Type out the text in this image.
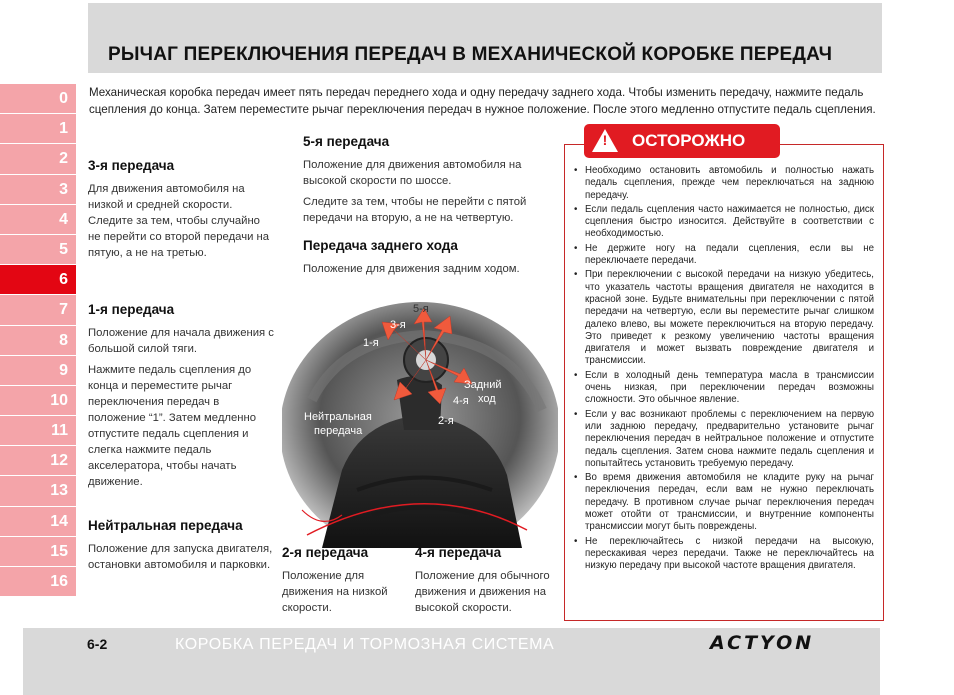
РЫЧАГ ПЕРЕКЛЮЧЕНИЯ ПЕРЕДАЧ В МЕХАНИЧЕСКОЙ КОРОБКЕ ПЕРЕДАЧ

Механическая коробка передач имеет пять передач переднего хода и одну передачу заднего хода. Чтобы изменить передачу, нажмите педаль сцепления до конца. Затем переместите рычаг переключения передач в нужное положение. После этого медленно отпустите педаль сцепления.

0
1
2
3
4
5
6
7
8
9
10
11
12
13
14
15
16
3-я передача

Для движения автомобиля на низкой и средней скорости. Следите за тем, чтобы случайно не перейти со второй передачи на пятую, а не на третью.

1-я передача

Положение для начала движения с большой силой тяги.

Нажмите педаль сцепления до конца и переместите рычаг переключения передач в положение “1”. Затем медленно отпустите педаль сцепления и слегка нажмите педаль акселератора, чтобы начать движение.

Нейтральная передача

Положение для запуска двигателя, остановки автомобиля и парковки.

5-я передача

Положение для движения автомобиля на высокой скорости по шоссе.

Следите за тем, чтобы не перейти с пятой передачи на вторую, а не на четвертую.

Передача заднего хода

Положение для движения задним ходом.

1-я
3-я
5-я
2-я
4-я
Задний
ход
Нейтральная
передача
2-я передача

Положение для движения на низкой скорости.

4-я передача

Положение для обычного движения и движения на высокой скорости.

• Необходимо остановить автомобиль и полностью нажать педаль сцепления, прежде чем переключаться на заднюю передачу.
• Если педаль сцепления часто нажимается не полностью, диск сцепления быстро износится. Действуйте в соответствии с необходимостью.
• Не держите ногу на педали сцепления, если вы не переключаете передачи.
• При переключении с высокой передачи на низкую убедитесь, что указатель частоты вращения двигателя не находится в красной зоне. Будьте внимательны при переключении с пятой передачи на четвертую, если вы переместите рычаг слишком далеко влево, вы можете переключиться на вторую передачу. Это приведет к резкому увеличению частоты вращения двигателя и может вызвать повреждение двигателя и трансмиссии.
• Если в холодный день температура масла в трансмиссии очень низкая, при переключении передач возможны сложности. Это обычное явление.
• Если у вас возникают проблемы с переключением на первую или заднюю передачу, предварительно установите рычаг переключения передач в нейтральное положение и отпустите педаль сцепления. Затем снова нажмите педаль сцепления и попытайтесь установить требуемую передачу.
• Во время движения автомобиля не кладите руку на рычаг переключения передач, если вам не нужно переключать передачу. В противном случае рычаг переключения передач может отойти от трансмиссии, и внутренние компоненты трансмиссии могут быть повреждены.
• Не переключайтесь с низкой передачи на высокую, перескакивая через передачи. Также не переключайтесь на низкую передачу при высокой частоте вращения двигателя.
!	ОСТОРОЖНО
6-2	КОРОБКА ПЕРЕДАЧ И ТОРМОЗНАЯ СИСТЕМА	ACTYON
